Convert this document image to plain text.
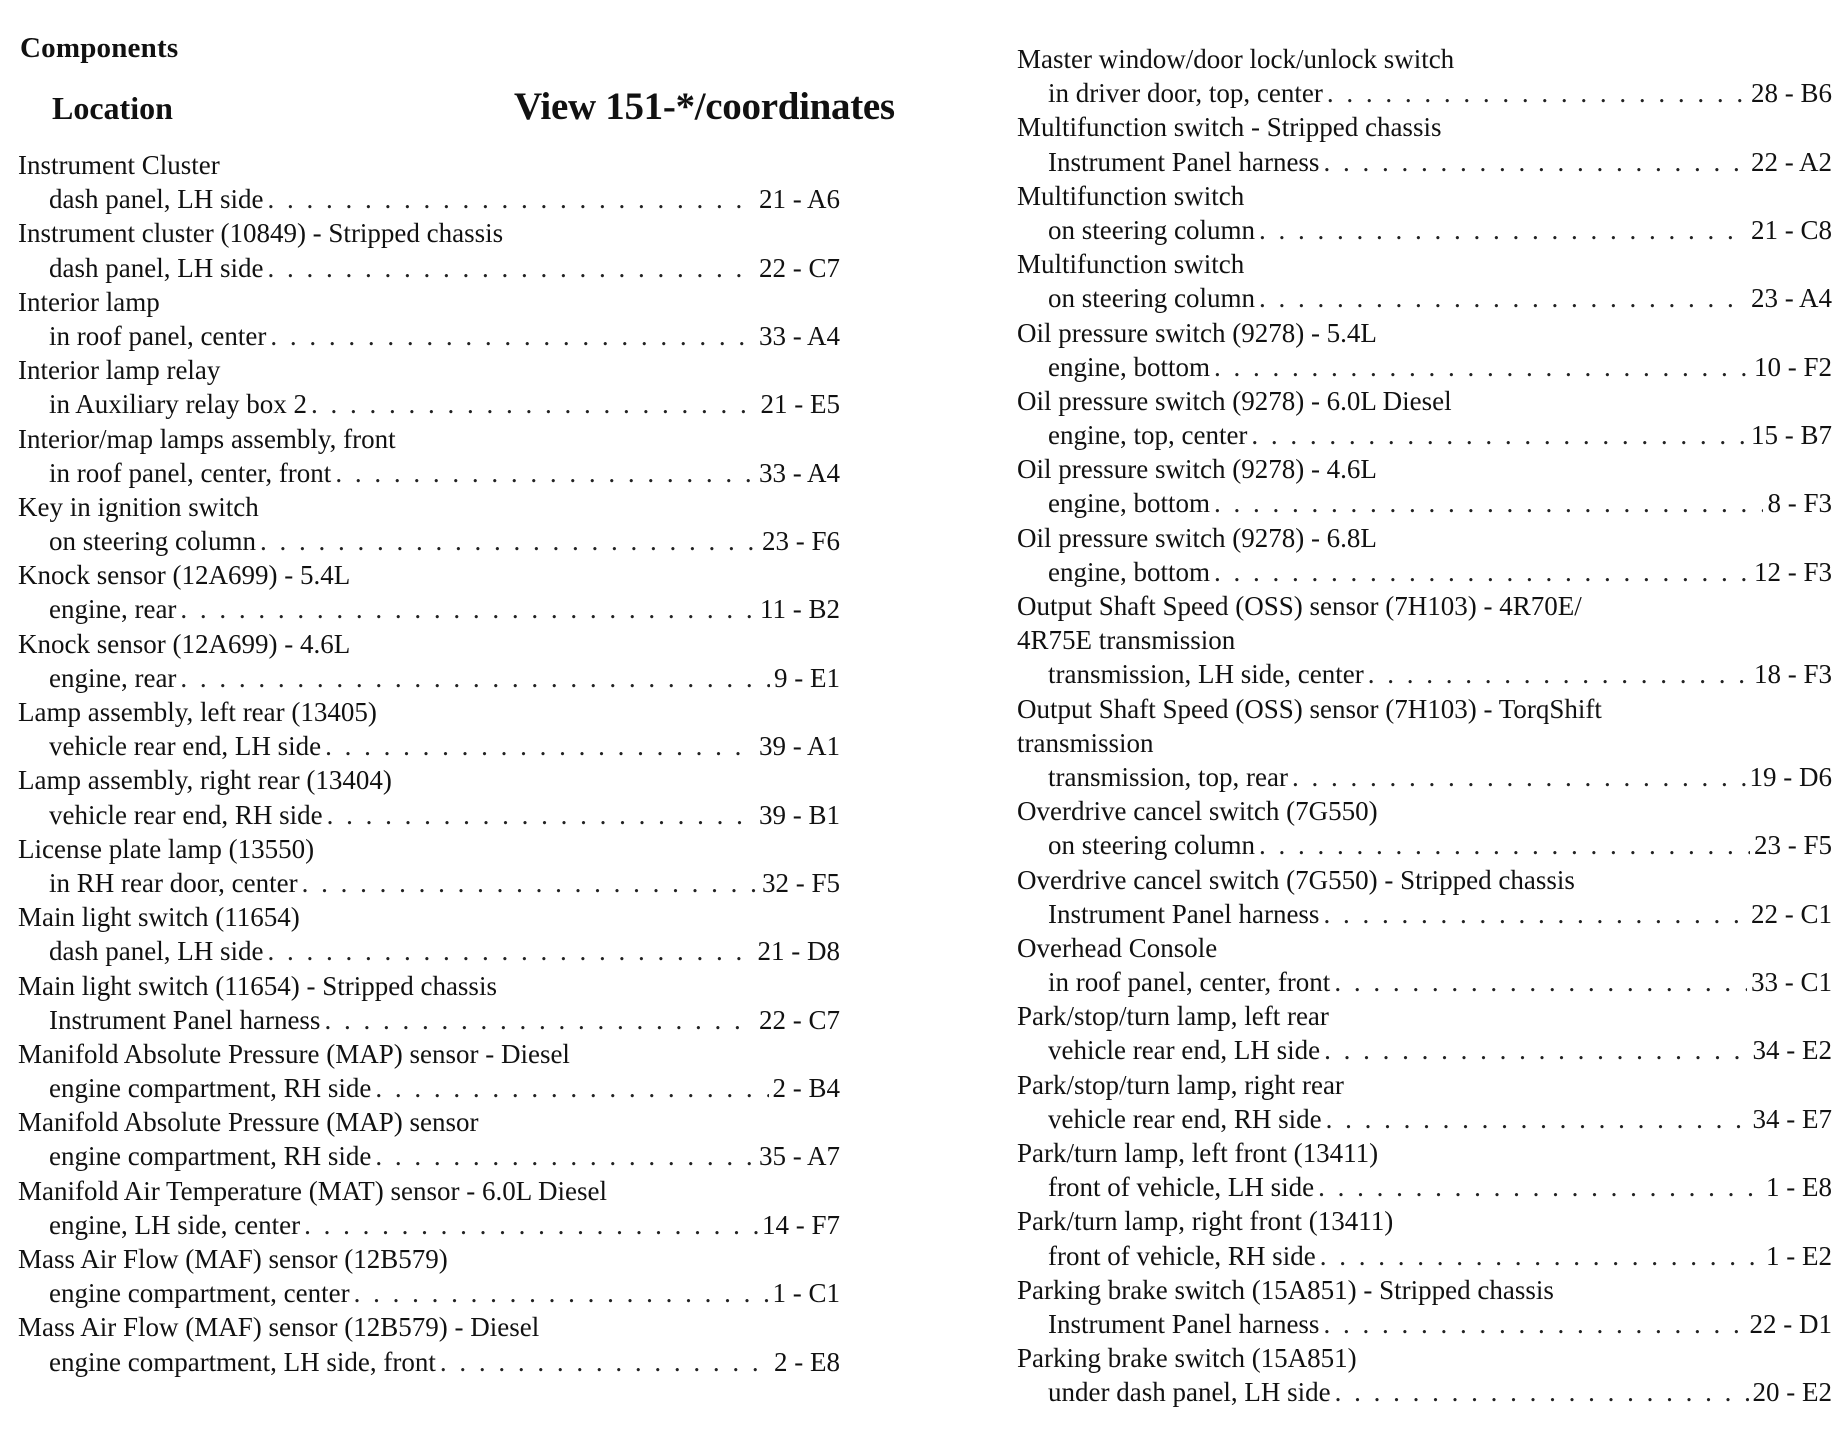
Components
Location	View 151-*/coordinates
Instrument Cluster
dash panel, LH side . . .	21 - A6
Instrument cluster (10849) - Stripped chassis
dash panel, LH side . . .	22 - C7
Interior lamp
in roof panel, center . . .	33 - A4
Interior lamp relay
in Auxiliary relay box 2 . . .	21 - E5
Interior/map lamps assembly, front
in roof panel, center, front . . .	33 - A4
Key in ignition switch
on steering column . . .	23 - F6
Knock sensor (12A699) - 5.4L
engine, rear . . .	11 - B2
Knock sensor (12A699) - 4.6L
engine, rear . . .	9 - E1
Lamp assembly, left rear (13405)
vehicle rear end, LH side . . .	39 - A1
Lamp assembly, right rear (13404)
vehicle rear end, RH side . . .	39 - B1
License plate lamp (13550)
in RH rear door, center . . .	32 - F5
Main light switch (11654)
dash panel, LH side . . .	21 - D8
Main light switch (11654) - Stripped chassis
Instrument Panel harness . . .	22 - C7
Manifold Absolute Pressure (MAP) sensor - Diesel
engine compartment, RH side . . .	2 - B4
Manifold Absolute Pressure (MAP) sensor
engine compartment, RH side . . .	35 - A7
Manifold Air Temperature (MAT) sensor - 6.0L Diesel
engine, LH side, center . . .	14 - F7
Mass Air Flow (MAF) sensor (12B579)
engine compartment, center . . .	1 - C1
Mass Air Flow (MAF) sensor (12B579) - Diesel
engine compartment, LH side, front . . .	2 - E8
Master window/door lock/unlock switch
in driver door, top, center . . .	28 - B6
Multifunction switch - Stripped chassis
Instrument Panel harness . . .	22 - A2
Multifunction switch
on steering column . . .	21 - C8
Multifunction switch
on steering column . . .	23 - A4
Oil pressure switch (9278) - 5.4L
engine, bottom . . .	10 - F2
Oil pressure switch (9278) - 6.0L Diesel
engine, top, center . . .	15 - B7
Oil pressure switch (9278) - 4.6L
engine, bottom . . .	8 - F3
Oil pressure switch (9278) - 6.8L
engine, bottom . . .	12 - F3
Output Shaft Speed (OSS) sensor (7H103) - 4R70E/
4R75E transmission
transmission, LH side, center . . .	18 - F3
Output Shaft Speed (OSS) sensor (7H103) - TorqShift
transmission
transmission, top, rear . . .	19 - D6
Overdrive cancel switch (7G550)
on steering column . . .	23 - F5
Overdrive cancel switch (7G550) - Stripped chassis
Instrument Panel harness . . .	22 - C1
Overhead Console
in roof panel, center, front . . .	33 - C1
Park/stop/turn lamp, left rear
vehicle rear end, LH side . . .	34 - E2
Park/stop/turn lamp, right rear
vehicle rear end, RH side . . .	34 - E7
Park/turn lamp, left front (13411)
front of vehicle, LH side . . .	1 - E8
Park/turn lamp, right front (13411)
front of vehicle, RH side . . .	1 - E2
Parking brake switch (15A851) - Stripped chassis
Instrument Panel harness . . .	22 - D1
Parking brake switch (15A851)
under dash panel, LH side . . .	20 - E2
